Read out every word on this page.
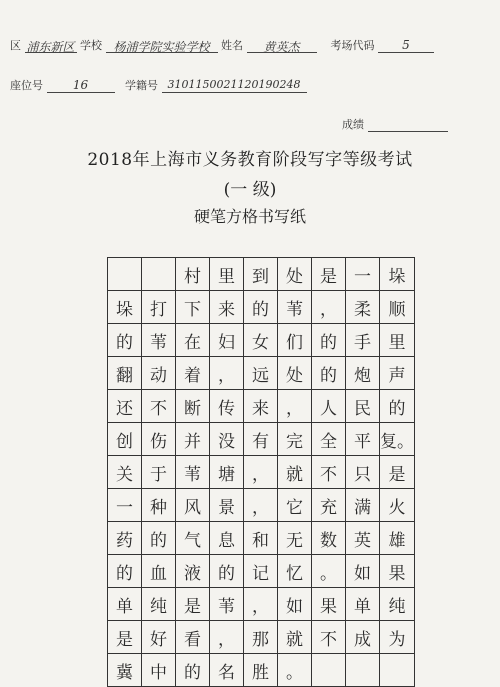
区 浦东新区 学校 杨浦学院实验学校 姓名 黄英杰	考场代码 5
座位号 16	学籍号 3101150021120190248
成绩
2018年上海市义务教育阶段写字等级考试
(一 级)
硬笔方格书写纸
		村	里	到	处	是	一	垛
垛	打	下	来	的	苇	，	柔	顺
的	苇	在	妇	女	们	的	手	里
翻	动	着	，	远	处	的	炮	声
还	不	断	传	来	，	人	民	的
创	伤	并	没	有	完	全	平	复。
关	于	苇	塘	，	就	不	只	是
一	种	风	景	，	它	充	满	火
药	的	气	息	和	无	数	英	雄
的	血	液	的	记	忆	。	如	果
单	纯	是	苇	，	如	果	单	纯
是	好	看	，	那	就	不	成	为
冀	中	的	名	胜	。			
